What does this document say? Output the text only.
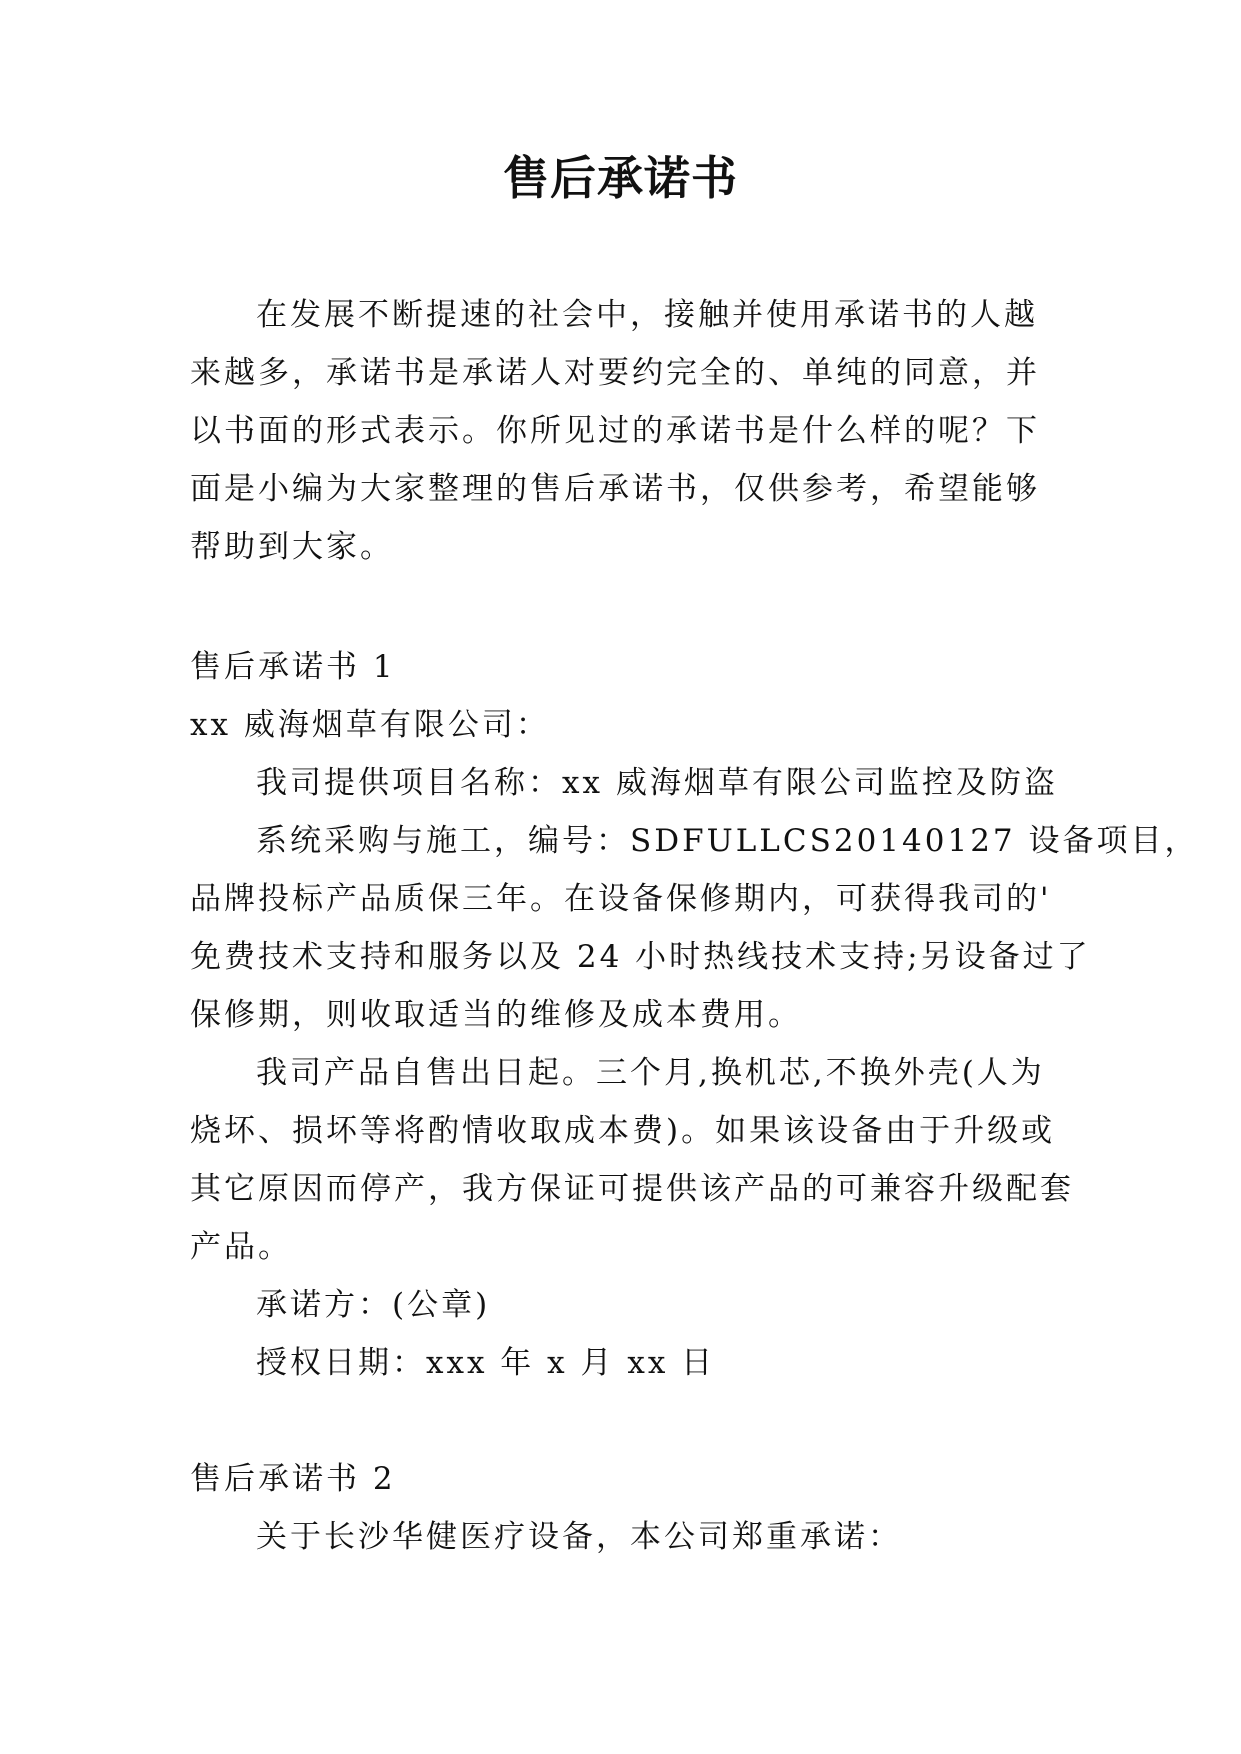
售后承诺书

在发展不断提速的社会中，接触并使用承诺书的人越来越多，承诺书是承诺人对要约完全的、单纯的同意，并以书面的形式表示。你所见过的承诺书是什么样的呢？下面是小编为大家整理的售后承诺书，仅供参考，希望能够帮助到大家。

售后承诺书 1

xx 威海烟草有限公司：

我司提供项目名称：xx 威海烟草有限公司监控及防盗

系统采购与施工，编号：SDFULLCS20140127 设备项目，

品牌投标产品质保三年。在设备保修期内，可获得我司的'

免费技术支持和服务以及 24 小时热线技术支持;另设备过了

保修期，则收取适当的维修及成本费用。

我司产品自售出日起。三个月,换机芯,不换外壳(人为

烧坏、损坏等将酌情收取成本费)。如果该设备由于升级或

其它原因而停产，我方保证可提供该产品的可兼容升级配套

产品。

承诺方：(公章)

授权日期：xxx 年 x 月 xx 日

售后承诺书 2

关于长沙华健医疗设备，本公司郑重承诺：
